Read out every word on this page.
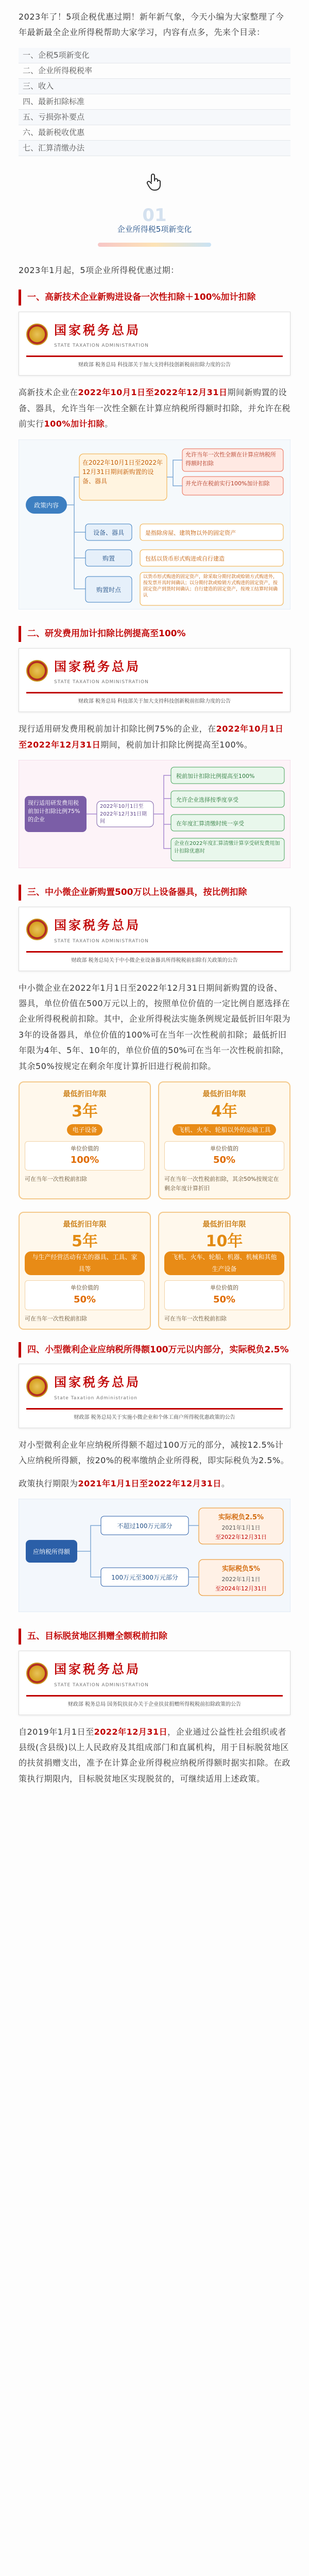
2023年了！5项企税优惠过期！新年新气象，今天小编为大家整理了今年最新最全企业所得税帮助大家学习，内容有点多，先来个目录：

一、企税5项新变化
二、企业所得税税率
三、收入
四、最新扣除标准
五、亏损弥补要点
六、最新税收优惠
七、汇算清缴办法
01
企业所得税5项新变化

2023年1月起，5项企业所得税优惠过期：

一、高新技术企业新购进设备一次性扣除＋100%加计扣除
国家税务总局
STATE TAXATION ADMINISTRATION
财政部 税务总局 科技部关于加大支持科技创新税前扣除力度的公告

高新技术企业在2022年10月1日至2022年12月31日期间新购置的设备、器具，允许当年一次性全额在计算应纳税所得额时扣除，并允许在税前实行100%加计扣除。

政策内容
在2022年10月1日至2022年12月31日期间新购置的设备、器具
允许当年一次性全额在计算应纳税所得额时扣除
并允许在税前实行100%加计扣除
设备、器具	是指除房屋、建筑物以外的固定资产
购置	包括以货币形式购进或自行建造
购置时点
以货币形式购进的固定资产，除采取分期付款或赊销方式购进外，按发票开具时间确认；以分期付款或赊销方式购进的固定资产，按固定资产到货时间确认；自行建造的固定资产，按竣工结算时间确认
二、研发费用加计扣除比例提高至100%
国家税务总局
STATE TAXATION ADMINISTRATION
财政部 税务总局 科技部关于加大支持科技创新税前扣除力度的公告

现行适用研发费用税前加计扣除比例75%的企业，在2022年10月1日至2022年12月31日期间，税前加计扣除比例提高至100%。

现行适用研发费用税前加计扣除比例75%的企业
2022年10月1日至2022年12月31日期间
税前加计扣除比例提高至100%
允许企业选择按季度享受
在年度汇算清缴时统一享受
企业在2022年度汇算清缴计算享受研发费用加计扣除优惠时
三、中小微企业新购置500万以上设备器具，按比例扣除
国家税务总局
STATE TAXATION ADMINISTRATION
财政部 税务总局关于中小微企业设备器具所得税税前扣除有关政策的公告

中小微企业在2022年1月1日至2022年12月31日期间新购置的设备、器具，单位价值在500万元以上的，按照单位价值的一定比例自愿选择在企业所得税税前扣除。其中，企业所得税法实施条例规定最低折旧年限为3年的设备器具，单位价值的100%可在当年一次性税前扣除；最低折旧年限为4年、5年、10年的，单位价值的50%可在当年一次性税前扣除，其余50%按规定在剩余年度计算折旧进行税前扣除。

最低折旧年限
3年
电子设备
单位价值的
100%
可在当年一次性税前扣除
最低折旧年限
4年
飞机、火车、轮船以外的运输工具
单位价值的
50%
可在当年一次性税前扣除，其余50%按规定在剩余年度计算折旧
最低折旧年限
5年
与生产经营活动有关的器具、工具、家具等
单位价值的
50%
可在当年一次性税前扣除
最低折旧年限
10年
飞机、火车、轮船、机器、机械和其他生产设备
单位价值的
50%
可在当年一次性税前扣除
四、小型微利企业应纳税所得额100万元以内部分，实际税负2.5%
国家税务总局
State Taxation Administration
财政部 税务总局关于实施小微企业和个体工商户所得税优惠政策的公告

对小型微利企业年应纳税所得额不超过100万元的部分，减按12.5%计入应纳税所得额，按20%的税率缴纳企业所得税，即实际税负为2.5%。

政策执行期限为2021年1月1日至2022年12月31日。

应纳税所得额
不超过100万元部分
100万元至300万元部分
实际税负2.5%
2021年1月1日
至2022年12月31日
实际税负5%
2022年1月1日
至2024年12月31日
五、目标脱贫地区捐赠全额税前扣除
国家税务总局
STATE TAXATION ADMINISTRATION
财政部 税务总局 国务院扶贫办关于企业扶贫捐赠所得税税前扣除政策的公告

自2019年1月1日至2022年12月31日，企业通过公益性社会组织或者县级(含县级)以上人民政府及其组成部门和直属机构，用于目标脱贫地区的扶贫捐赠支出，准予在计算企业所得税应纳税所得额时据实扣除。在政策执行期限内，目标脱贫地区实现脱贫的，可继续适用上述政策。
